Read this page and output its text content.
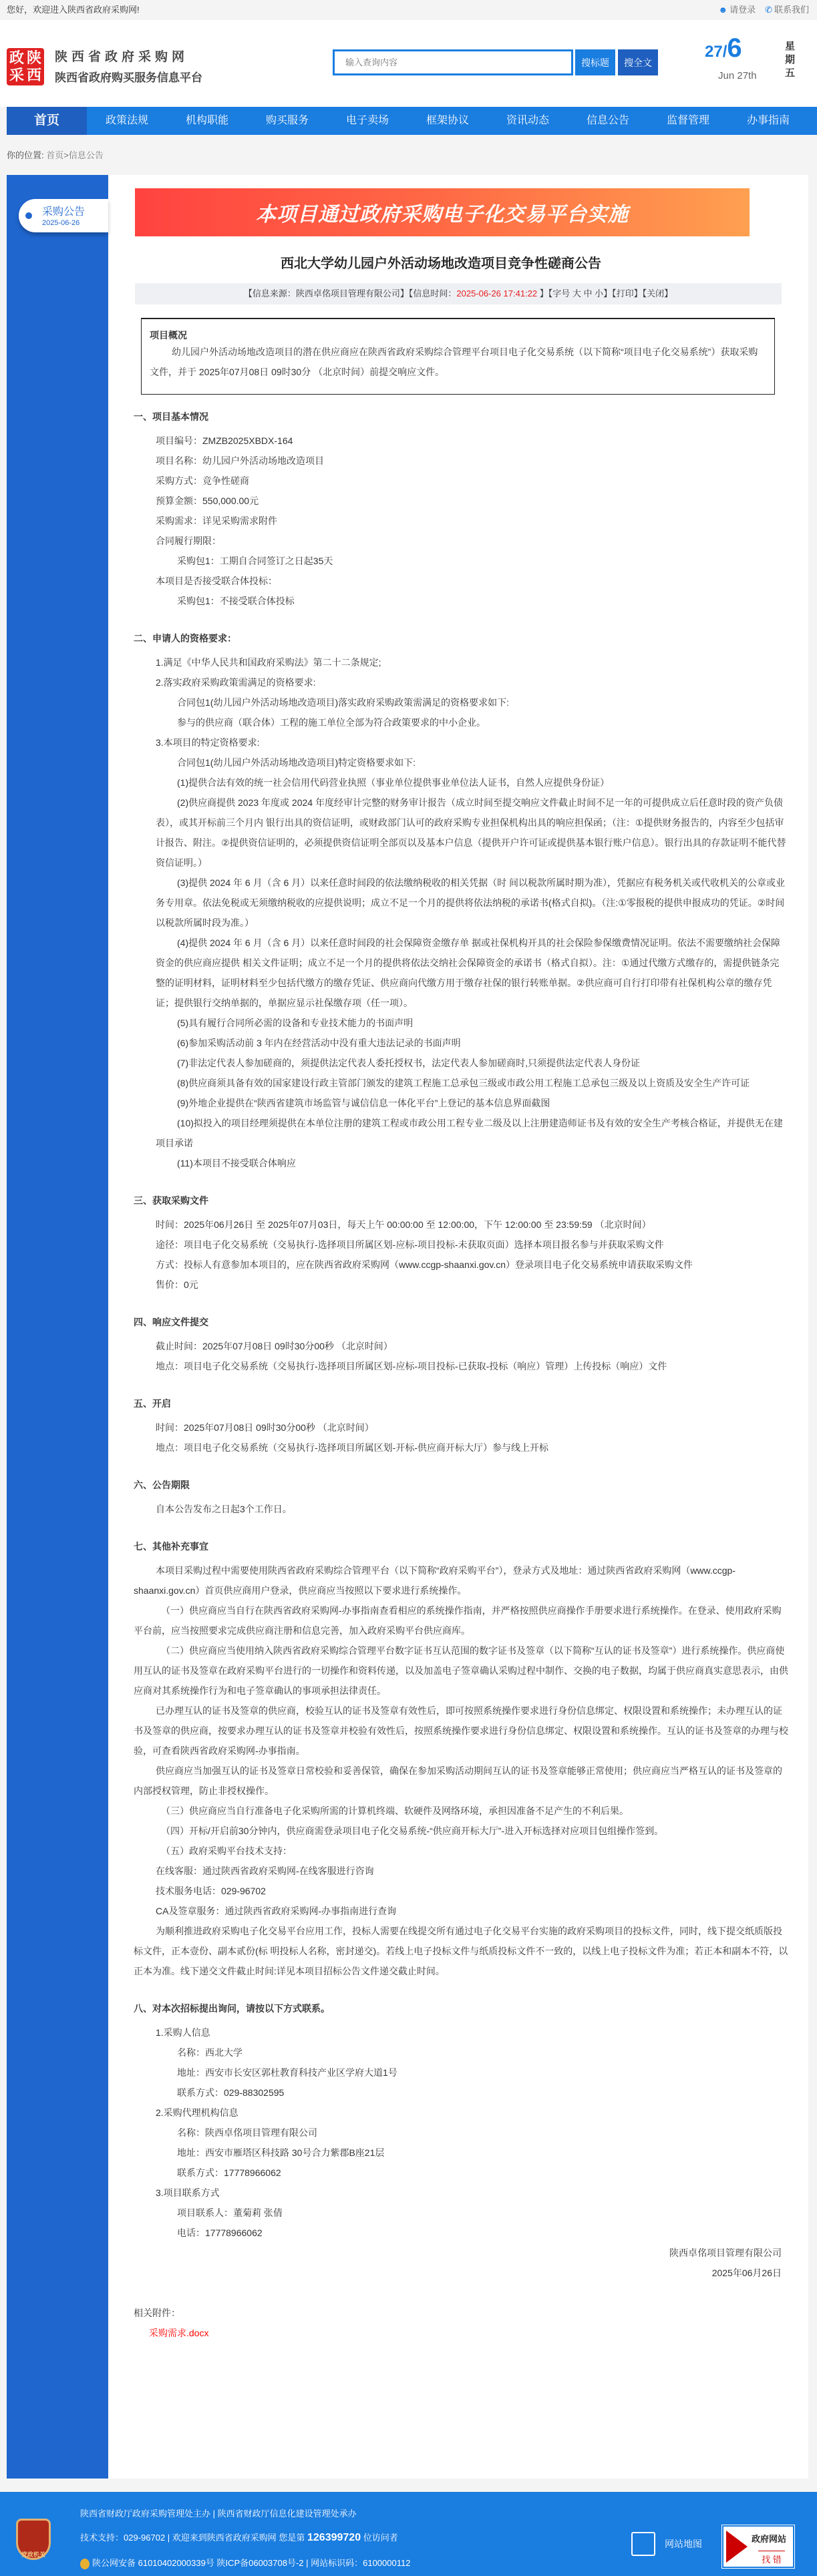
您好，欢迎进入陕西省政府采购网!	☻ 请登录 ✆ 联系我们
政 陕
采 西
陕西省政府采购网
陕西省政府购买服务信息平台
输入查询内容
搜标题	搜全文
27/6
Jun 27th
星期五
首页	政策法规	机构职能	购买服务	电子卖场	框架协议	资讯动态	信息公告	监督管理	办事指南
你的位置: 首页>信息公告
采购公告
2025-06-26	本项目通过政府采购电子化交易平台实施
西北大学幼儿园户外活动场地改造项目竞争性磋商公告
【信息来源：陕西卓佲项目管理有限公司】【信息时间：2025-06-26 17:41:22 】【字号 大 中 小】【打印】【关闭】
项目概况

幼儿园户外活动场地改造项目的潜在供应商应在陕西省政府采购综合管理平台项目电子化交易系统（以下简称“项目电子化交易系统”）获取采购文件，并于 2025年07月08日 09时30分 （北京时间）前提交响应文件。

一、项目基本情况

项目编号：ZMZB2025XBDX-164

项目名称：幼儿园户外活动场地改造项目

采购方式：竞争性磋商

预算金额：550,000.00元

采购需求：详见采购需求附件

合同履行期限：

采购包1：工期自合同签订之日起35天

本项目是否接受联合体投标：

采购包1：不接受联合体投标

二、申请人的资格要求：

1.满足《中华人民共和国政府采购法》第二十二条规定;

2.落实政府采购政策需满足的资格要求:

合同包1(幼儿园户外活动场地改造项目)落实政府采购政策需满足的资格要求如下:

参与的供应商（联合体）工程的施工单位全部为符合政策要求的中小企业。

3.本项目的特定资格要求:

合同包1(幼儿园户外活动场地改造项目)特定资格要求如下:

(1)提供合法有效的统一社会信用代码营业执照（事业单位提供事业单位法人证书，自然人应提供身份证）

(2)供应商提供 2023 年度或 2024 年度经审计完整的财务审计报告（成立时间至提交响应文件截止时间不足一年的可提供成立后任意时段的资产负债表），或其开标前三个月内 银行出具的资信证明，或财政部门认可的政府采购专业担保机构出具的响应担保函；（注：①提供财务报告的，内容至少包括审计报告、附注。②提供资信证明的，必须提供资信证明全部页以及基本户信息（提供开户许可证或提供基本银行账户信息）。银行出具的存款证明不能代替资信证明。）

(3)提供 2024 年 6 月（含 6 月）以来任意时间段的依法缴纳税收的相关凭据（时 间以税款所属时期为准），凭据应有税务机关或代收机关的公章或业务专用章。依法免税或无须缴纳税收的应提供说明；成立不足一个月的提供将依法纳税的承诺书(格式自拟)。（注:①零报税的提供申报成功的凭证。②时间以税款所属时段为准。）

(4)提供 2024 年 6 月（含 6 月）以来任意时间段的社会保障资金缴存单 据或社保机构开具的社会保险参保缴费情况证明。依法不需要缴纳社会保障资金的供应商应提供 相关文件证明；成立不足一个月的提供将依法交纳社会保障资金的承诺书（格式自拟）。注：①通过代缴方式缴存的，需提供链条完整的证明材料，证明材料至少包括代缴方的缴存凭证、供应商向代缴方用于缴存社保的银行转账单据。②供应商可自行打印带有社保机构公章的缴存凭证；提供银行交纳单据的，单据应显示社保缴存项（任一项）。

(5)具有履行合同所必需的设备和专业技术能力的书面声明

(6)参加采购活动前 3 年内在经营活动中没有重大违法记录的书面声明

(7)非法定代表人参加磋商的，须提供法定代表人委托授权书，法定代表人参加磋商时,只须提供法定代表人身份证

(8)供应商须具备有效的国家建设行政主管部门颁发的建筑工程施工总承包三级或市政公用工程施工总承包三级及以上资质及安全生产许可证

(9)外地企业提供在“陕西省建筑市场监管与诚信信息一体化平台”上登记的基本信息界面截图

(10)拟投入的项目经理须提供在本单位注册的建筑工程或市政公用工程专业二级及以上注册建造师证书及有效的安全生产考核合格证，并提供无在建项目承诺

(11)本项目不接受联合体响应

三、获取采购文件

时间：2025年06月26日 至 2025年07月03日，每天上午 00:00:00 至 12:00:00，下午 12:00:00 至 23:59:59 （北京时间）

途径：项目电子化交易系统（交易执行-选择项目所属区划-应标-项目投标-未获取页面）选择本项目报名参与并获取采购文件

方式：投标人有意参加本项目的，应在陕西省政府采购网（www.ccgp-shaanxi.gov.cn）登录项目电子化交易系统申请获取采购文件

售价：0元

四、响应文件提交

截止时间：2025年07月08日 09时30分00秒 （北京时间）

地点：项目电子化交易系统（交易执行-选择项目所属区划-应标-项目投标-已获取-投标（响应）管理）上传投标（响应）文件

五、开启

时间：2025年07月08日 09时30分00秒 （北京时间）

地点：项目电子化交易系统（交易执行-选择项目所属区划-开标-供应商开标大厅）参与线上开标

六、公告期限

自本公告发布之日起3个工作日。

七、其他补充事宜

本项目采购过程中需要使用陕西省政府采购综合管理平台（以下简称“政府采购平台”），登录方式及地址：通过陕西省政府采购网（www.ccgp-shaanxi.gov.cn）首页供应商用户登录，供应商应当按照以下要求进行系统操作。

（一）供应商应当自行在陕西省政府采购网-办事指南查看相应的系统操作指南，并严格按照供应商操作手册要求进行系统操作。在登录、使用政府采购平台前，应当按照要求完成供应商注册和信息完善，加入政府采购平台供应商库。

（二）供应商应当使用纳入陕西省政府采购综合管理平台数字证书互认范围的数字证书及签章（以下简称“互认的证书及签章”）进行系统操作。供应商使用互认的证书及签章在政府采购平台进行的一切操作和资料传递，以及加盖电子签章确认采购过程中制作、交换的电子数据，均属于供应商真实意思表示，由供应商对其系统操作行为和电子签章确认的事项承担法律责任。

已办理互认的证书及签章的供应商，校验互认的证书及签章有效性后，即可按照系统操作要求进行身份信息绑定、权限设置和系统操作；未办理互认的证书及签章的供应商，按要求办理互认的证书及签章并校验有效性后，按照系统操作要求进行身份信息绑定、权限设置和系统操作。互认的证书及签章的办理与校验，可查看陕西省政府采购网-办事指南。

供应商应当加强互认的证书及签章日常校验和妥善保管，确保在参加采购活动期间互认的证书及签章能够正常使用；供应商应当严格互认的证书及签章的内部授权管理，防止非授权操作。

（三）供应商应当自行准备电子化采购所需的计算机终端、软硬件及网络环境，承担因准备不足产生的不利后果。

（四）开标/开启前30分钟内，供应商需登录项目电子化交易系统-“供应商开标大厅”-进入开标选择对应项目包组操作签到。

（五）政府采购平台技术支持：

在线客服：通过陕西省政府采购网-在线客服进行咨询

技术服务电话：029-96702

CA及签章服务：通过陕西省政府采购网-办事指南进行查询

为顺利推进政府采购电子化交易平台应用工作，投标人需要在线提交所有通过电子化交易平台实施的政府采购项目的投标文件，同时，线下提交纸质版投标文件，正本壹份、副本贰份(标 明投标人名称，密封递交)。若线上电子投标文件与纸质投标文件不一致的，以线上电子投标文件为准；若正本和副本不符，以正本为准。线下递交文件截止时间:详见本项目招标公告文件递交截止时间。

八、对本次招标提出询问，请按以下方式联系。

1.采购人信息

名称：西北大学

地址：西安市长安区郭杜教育科技产业区学府大道1号

联系方式：029-88302595

2.采购代理机构信息

名称：陕西卓佲项目管理有限公司

地址：西安市雁塔区科技路 30号合力紫郡B座21层

联系方式：17778966062

3.项目联系方式

项目联系人：董菊莉 张倩

电话：17778966062

陕西卓佲项目管理有限公司

2025年06月26日

相关附件：
采购需求.docx
党政机关
陕西省财政厅政府采购管理处主办 | 陕西省财政厅信息化建设管理处承办
技术支持：029-96702 | 欢迎来到陕西省政府采购网 您是第 126399720 位访问者
陕公网安备 61010402000339号 陕ICP备06003708号-2 | 网站标识码：6100000112
网站地图	政府网站
找 错
